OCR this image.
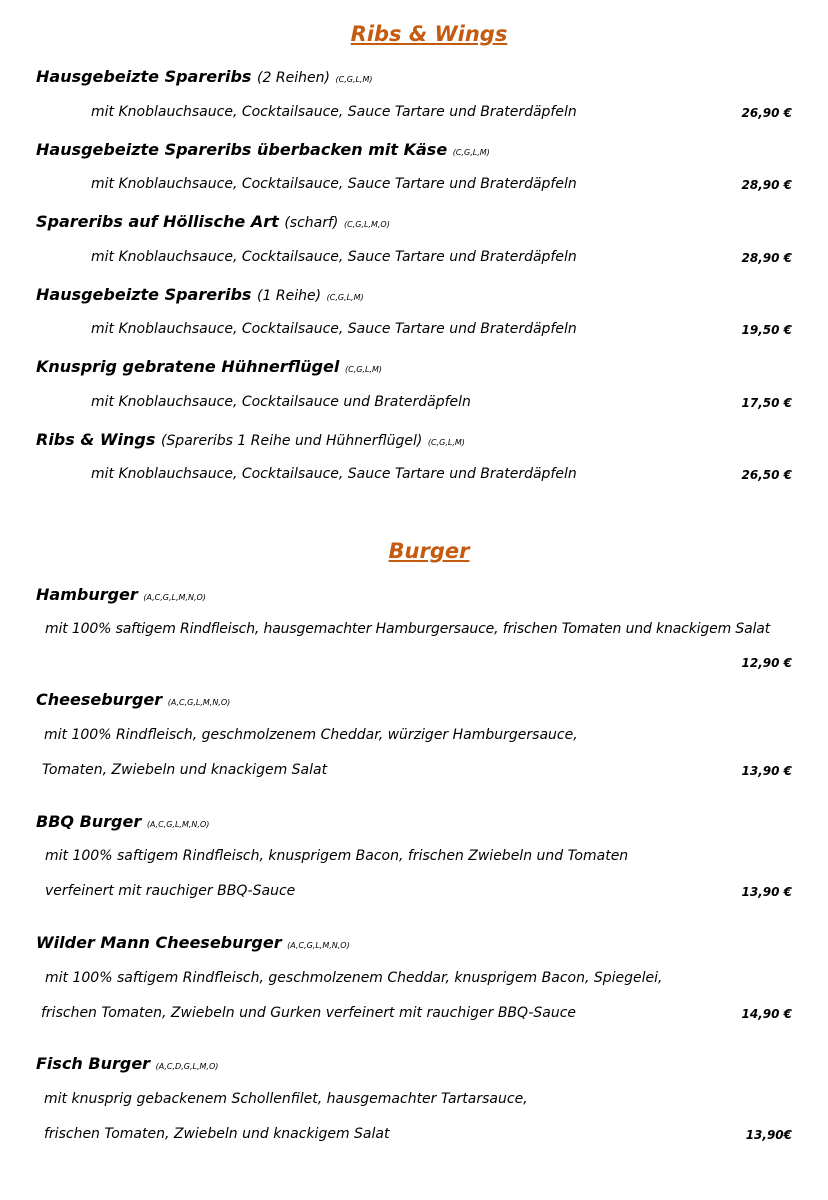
Ribs & Wings
Hausgebeizte Spareribs (2 Reihen) (C,G,L,M)
mit Knoblauchsauce, Cocktailsauce, Sauce Tartare und Braterdäpfeln	26,90 €
Hausgebeizte Spareribs überbacken mit Käse (C,G,L,M)
mit Knoblauchsauce, Cocktailsauce, Sauce Tartare und Braterdäpfeln	28,90 €
Spareribs auf Höllische Art (scharf) (C,G,L,M,O)
mit Knoblauchsauce, Cocktailsauce, Sauce Tartare und Braterdäpfeln	28,90 €
Hausgebeizte Spareribs (1 Reihe) (C,G,L,M)
mit Knoblauchsauce, Cocktailsauce, Sauce Tartare und Braterdäpfeln	19,50 €
Knusprig gebratene Hühnerflügel (C,G,L,M)
mit Knoblauchsauce, Cocktailsauce und Braterdäpfeln	17,50 €
Ribs & Wings (Spareribs 1 Reihe und Hühnerflügel) (C,G,L,M)
mit Knoblauchsauce, Cocktailsauce, Sauce Tartare und Braterdäpfeln	26,50 €
Burger
Hamburger (A,C,G,L,M,N,O)
mit 100% saftigem Rindfleisch, hausgemachter Hamburgersauce, frischen Tomaten und knackigem Salat
12,90 €
Cheeseburger (A,C,G,L,M,N,O)
mit 100% Rindfleisch, geschmolzenem Cheddar, würziger Hamburgersauce,
Tomaten, Zwiebeln und knackigem Salat	13,90 €
BBQ Burger (A,C,G,L,M,N,O)
mit 100% saftigem Rindfleisch, knusprigem Bacon, frischen Zwiebeln und Tomaten
verfeinert mit rauchiger BBQ-Sauce	13,90 €
Wilder Mann Cheeseburger (A,C,G,L,M,N,O)
mit 100% saftigem Rindfleisch, geschmolzenem Cheddar, knusprigem Bacon, Spiegelei,
frischen Tomaten, Zwiebeln und Gurken verfeinert mit rauchiger BBQ-Sauce	14,90 €
Fisch Burger (A,C,D,G,L,M,O)
mit knusprig gebackenem Schollenfilet, hausgemachter Tartarsauce,
frischen Tomaten, Zwiebeln und knackigem Salat	13,90€
